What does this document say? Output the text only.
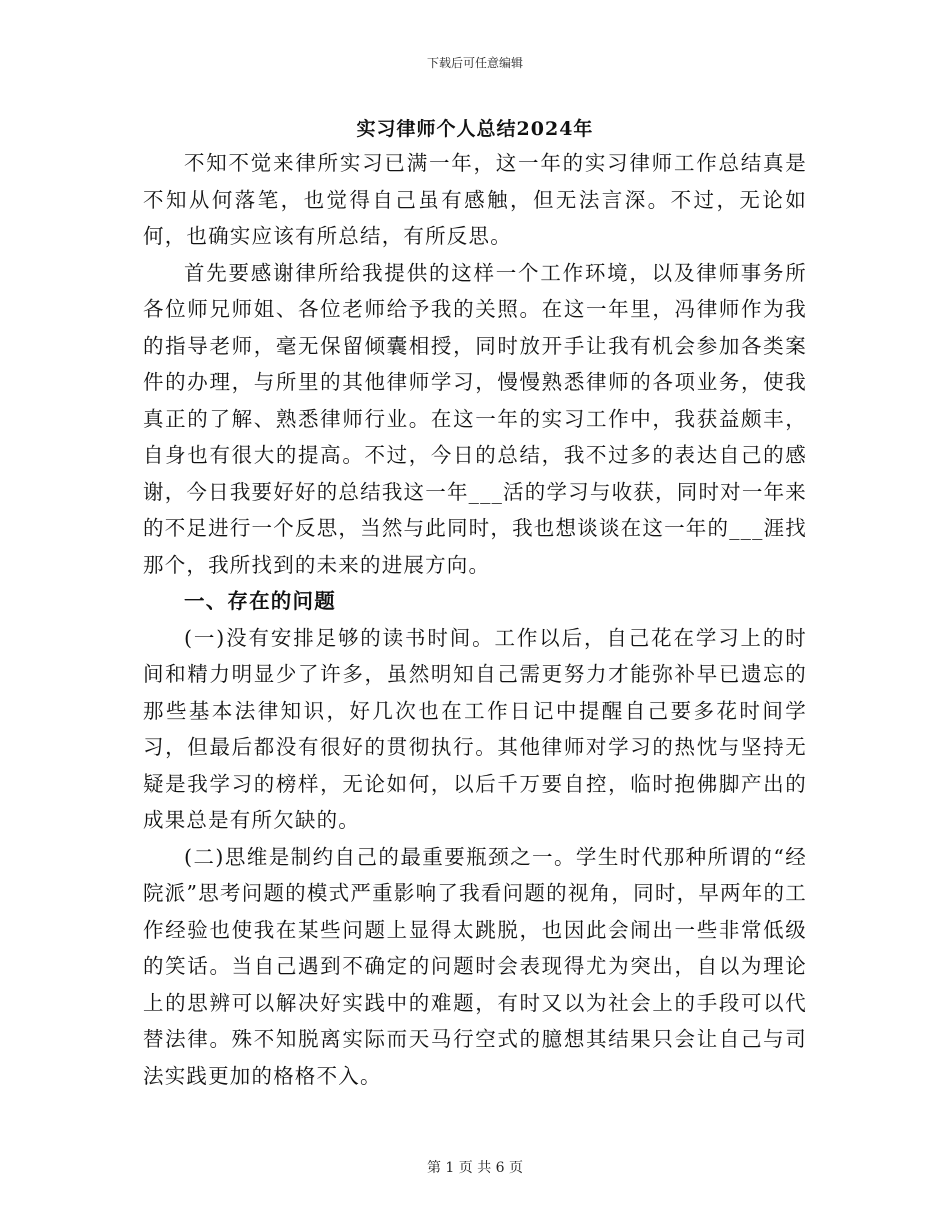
下载后可任意编辑
实习律师个人总结2024年

不知不觉来律所实习已满一年，这一年的实习律师工作总结真是不知从何落笔，也觉得自己虽有感触，但无法言深。不过，无论如何，也确实应该有所总结，有所反思。

首先要感谢律所给我提供的这样一个工作环境，以及律师事务所各位师兄师姐、各位老师给予我的关照。在这一年里，冯律师作为我的指导老师，毫无保留倾囊相授，同时放开手让我有机会参加各类案件的办理，与所里的其他律师学习，慢慢熟悉律师的各项业务，使我真正的了解、熟悉律师行业。在这一年的实习工作中，我获益颇丰，自身也有很大的提高。不过，今日的总结，我不过多的表达自己的感谢，今日我要好好的总结我这一年___活的学习与收获，同时对一年来的不足进行一个反思，当然与此同时，我也想谈谈在这一年的___涯找那个，我所找到的未来的进展方向。

一、存在的问题

(一)没有安排足够的读书时间。工作以后，自己花在学习上的时间和精力明显少了许多，虽然明知自己需更努力才能弥补早已遗忘的那些基本法律知识，好几次也在工作日记中提醒自己要多花时间学习，但最后都没有很好的贯彻执行。其他律师对学习的热忱与坚持无疑是我学习的榜样，无论如何，以后千万要自控，临时抱佛脚产出的成果总是有所欠缺的。

(二)思维是制约自己的最重要瓶颈之一。学生时代那种所谓的“经院派”思考问题的模式严重影响了我看问题的视角，同时，早两年的工作经验也使我在某些问题上显得太跳脱，也因此会闹出一些非常低级的笑话。当自己遇到不确定的问题时会表现得尤为突出，自以为理论上的思辨可以解决好实践中的难题，有时又以为社会上的手段可以代替法律。殊不知脱离实际而天马行空式的臆想其结果只会让自己与司法实践更加的格格不入。

第 1 页 共 6 页
